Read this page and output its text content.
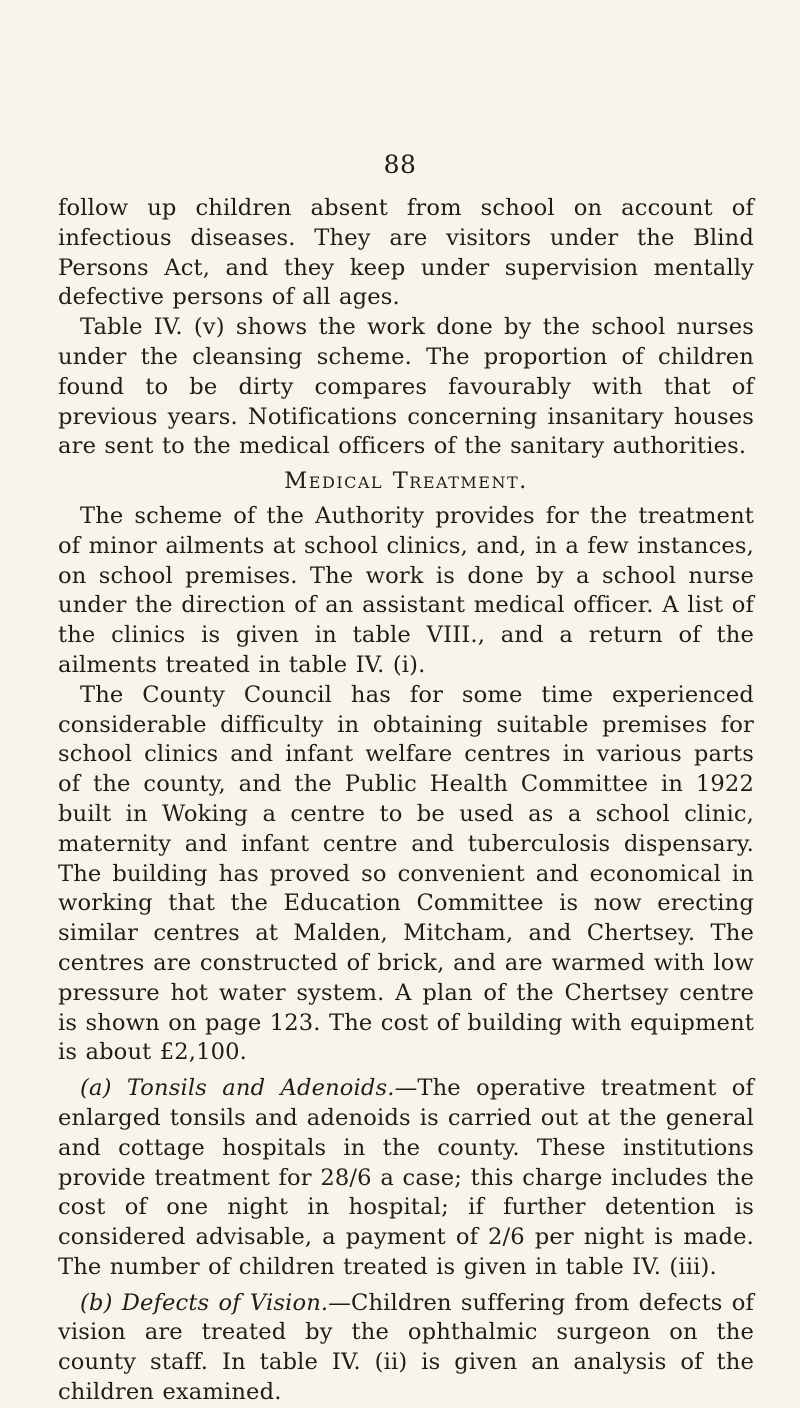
88

follow up children absent from school on account of infectious diseases. They are visitors under the Blind Persons Act, and they keep under supervision mentally defective persons of all ages.

Table IV. (v) shows the work done by the school nurses under the cleansing scheme. The proportion of children found to be dirty compares favourably with that of previous years. Notifications concerning insanitary houses are sent to the medical officers of the sanitary authorities.

Medical Treatment.

The scheme of the Authority provides for the treatment of minor ailments at school clinics, and, in a few instances, on school premises. The work is done by a school nurse under the direction of an assistant medical officer. A list of the clinics is given in table VIII., and a return of the ailments treated in table IV. (i).

The County Council has for some time experienced considerable difficulty in obtaining suitable premises for school clinics and infant welfare centres in various parts of the county, and the Public Health Committee in 1922 built in Woking a centre to be used as a school clinic, maternity and infant centre and tuberculosis dispensary. The building has proved so convenient and economical in working that the Education Committee is now erecting similar centres at Malden, Mitcham, and Chertsey. The centres are constructed of brick, and are warmed with low pressure hot water system. A plan of the Chertsey centre is shown on page 123. The cost of building with equipment is about £2,100.

(a) Tonsils and Adenoids.—The operative treatment of enlarged tonsils and adenoids is carried out at the general and cottage hospitals in the county. These institutions provide treatment for 28/6 a case; this charge includes the cost of one night in hospital; if further detention is considered advisable, a payment of 2/6 per night is made. The number of children treated is given in table IV. (iii).

(b) Defects of Vision.—Children suffering from defects of vision are treated by the ophthalmic surgeon on the county staff. In table IV. (ii) is given an analysis of the children examined.
